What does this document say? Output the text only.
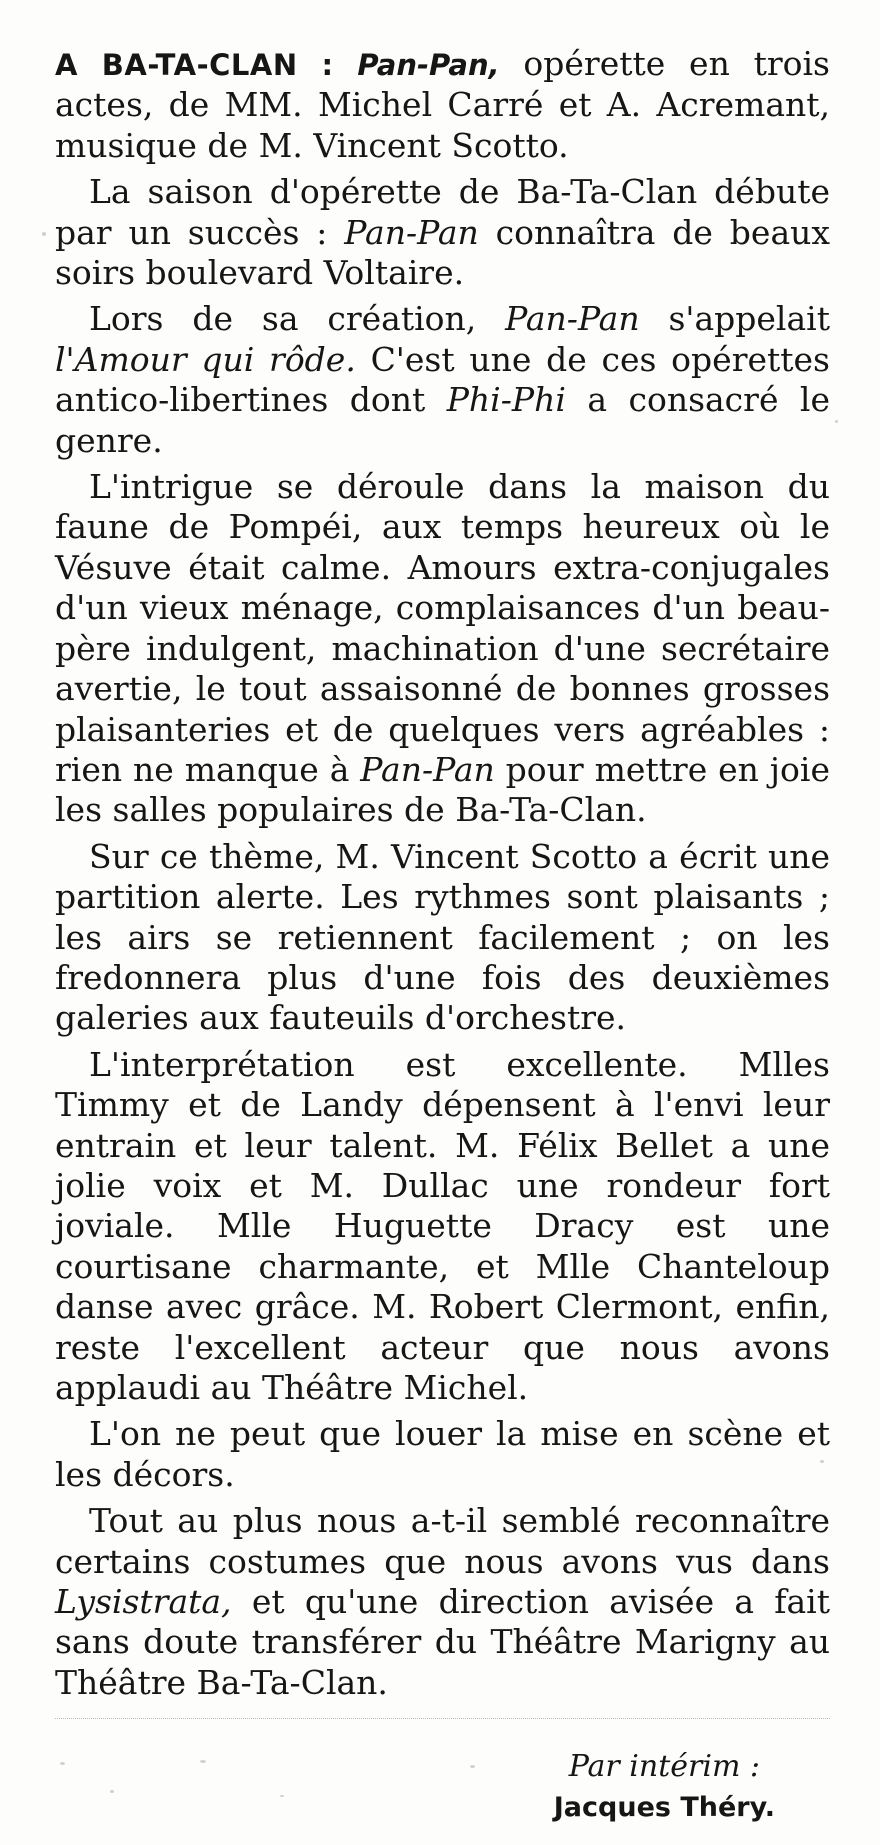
A BA-TA-CLAN : Pan-Pan, opérette en trois actes, de MM. Michel Carré et A. Acremant, musique de M. Vincent Scotto.

La saison d'opérette de Ba-Ta-Clan débute par un succès : Pan-Pan connaîtra de beaux soirs boulevard Voltaire.

Lors de sa création, Pan-Pan s'appelait l'Amour qui rôde. C'est une de ces opérettes antico-libertines dont Phi-Phi a consacré le genre.

L'intrigue se déroule dans la maison du faune de Pompéi, aux temps heureux où le Vésuve était calme. Amours extra-conjugales d'un vieux ménage, complaisances d'un beau-père indulgent, machination d'une secrétaire avertie, le tout assaisonné de bonnes grosses plaisanteries et de quelques vers agréables : rien ne manque à Pan-Pan pour mettre en joie les salles populaires de Ba-Ta-Clan.

Sur ce thème, M. Vincent Scotto a écrit une partition alerte. Les rythmes sont plaisants ; les airs se retiennent facilement ; on les fredonnera plus d'une fois des deuxièmes galeries aux fauteuils d'orchestre.

L'interprétation est excellente. Mlles Timmy et de Landy dépensent à l'envi leur entrain et leur talent. M. Félix Bellet a une jolie voix et M. Dullac une rondeur fort joviale. Mlle Huguette Dracy est une courtisane charmante, et Mlle Chanteloup danse avec grâce. M. Robert Clermont, enfin, reste l'excellent acteur que nous avons applaudi au Théâtre Michel.

L'on ne peut que louer la mise en scène et les décors.

Tout au plus nous a-t-il semblé reconnaître certains costumes que nous avons vus dans Lysistrata, et qu'une direction avisée a fait sans doute transférer du Théâtre Marigny au Théâtre Ba-Ta-Clan.

Par intérim :
Jacques Théry.
